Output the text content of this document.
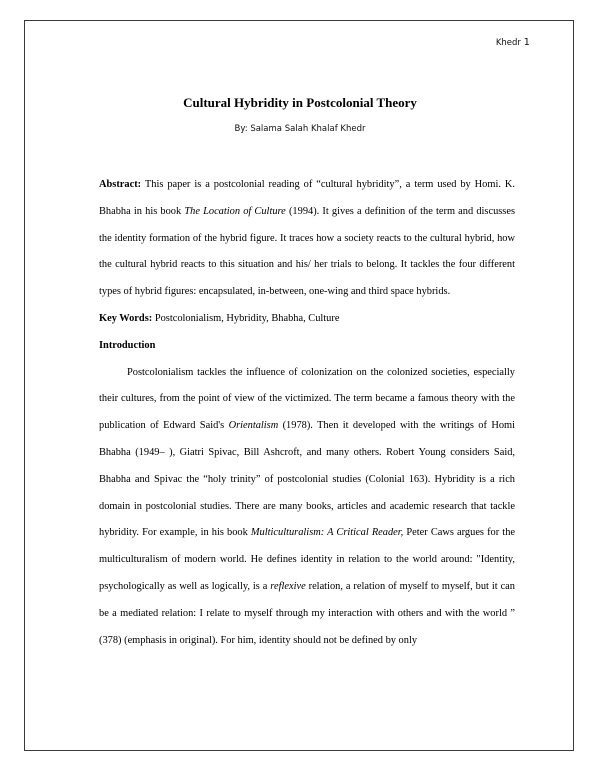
Khedr 1
Cultural Hybridity in Postcolonial Theory
By: Salama Salah Khalaf Khedr

Abstract: This paper is a postcolonial reading of “cultural hybridity”, a term used by Homi. K. Bhabha in his book The Location of Culture (1994). It gives a definition of the term and discusses the identity formation of the hybrid figure. It traces how a society reacts to the cultural hybrid, how the cultural hybrid reacts to this situation and his/ her trials to belong. It tackles the four different types of hybrid figures: encapsulated, in-between, one-wing and third space hybrids.

Key Words: Postcolonialism, Hybridity, Bhabha, Culture

Introduction

Postcolonialism tackles the influence of colonization on the colonized societies, especially their cultures, from the point of view of the victimized. The term became a famous theory with the publication of Edward Said's Orientalism (1978). Then it developed with the writings of Homi Bhabha (1949– ), Giatri Spivac, Bill Ashcroft, and many others. Robert Young considers Said, Bhabha and Spivac the “holy trinity” of postcolonial studies (Colonial 163). Hybridity is a rich domain in postcolonial studies. There are many books, articles and academic research that tackle hybridity. For example, in his book Multiculturalism: A Critical Reader, Peter Caws argues for the multiculturalism of modern world. He defines identity in relation to the world around: "Identity, psychologically as well as logically, is a reflexive relation, a relation of myself to myself, but it can be a mediated relation: I relate to myself through my interaction with others and with the world ” (378) (emphasis in original). For him, identity should not be defined by only
